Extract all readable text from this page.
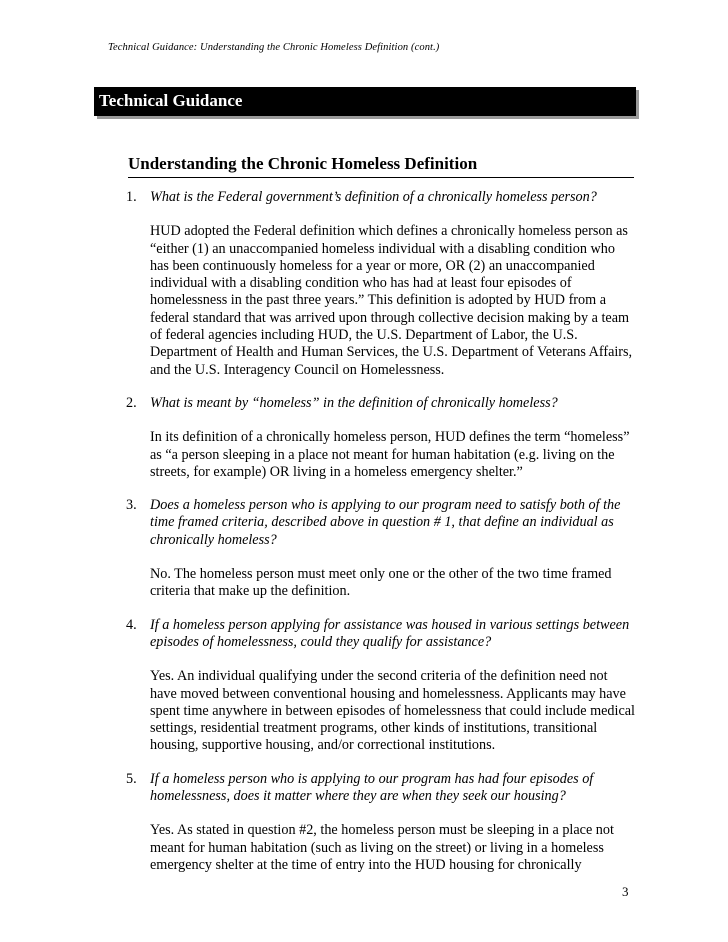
Technical Guidance: Understanding the Chronic Homeless Definition (cont.)
Technical Guidance
Understanding the Chronic Homeless Definition
1. What is the Federal government’s definition of a chronically homeless person?
HUD adopted the Federal definition which defines a chronically homeless person as “either (1) an unaccompanied homeless individual with a disabling condition who has been continuously homeless for a year or more, OR (2) an unaccompanied individual with a disabling condition who has had at least four episodes of homelessness in the past three years.” This definition is adopted by HUD from a federal standard that was arrived upon through collective decision making by a team of federal agencies including HUD, the U.S. Department of Labor, the U.S. Department of Health and Human Services, the U.S. Department of Veterans Affairs, and the U.S. Interagency Council on Homelessness.
2. What is meant by “homeless” in the definition of chronically homeless?
In its definition of a chronically homeless person, HUD defines the term “homeless” as “a person sleeping in a place not meant for human habitation (e.g. living on the streets, for example) OR living in a homeless emergency shelter.”
3. Does a homeless person who is applying to our program need to satisfy both of the time framed criteria, described above in question # 1, that define an individual as chronically homeless?
No. The homeless person must meet only one or the other of the two time framed criteria that make up the definition.
4. If a homeless person applying for assistance was housed in various settings between episodes of homelessness, could they qualify for assistance?
Yes. An individual qualifying under the second criteria of the definition need not have moved between conventional housing and homelessness. Applicants may have spent time anywhere in between episodes of homelessness that could include medical settings, residential treatment programs, other kinds of institutions, transitional housing, supportive housing, and/or correctional institutions.
5. If a homeless person who is applying to our program has had four episodes of homelessness, does it matter where they are when they seek our housing?
Yes. As stated in question #2, the homeless person must be sleeping in a place not meant for human habitation (such as living on the street) or living in a homeless emergency shelter at the time of entry into the HUD housing for chronically
3
